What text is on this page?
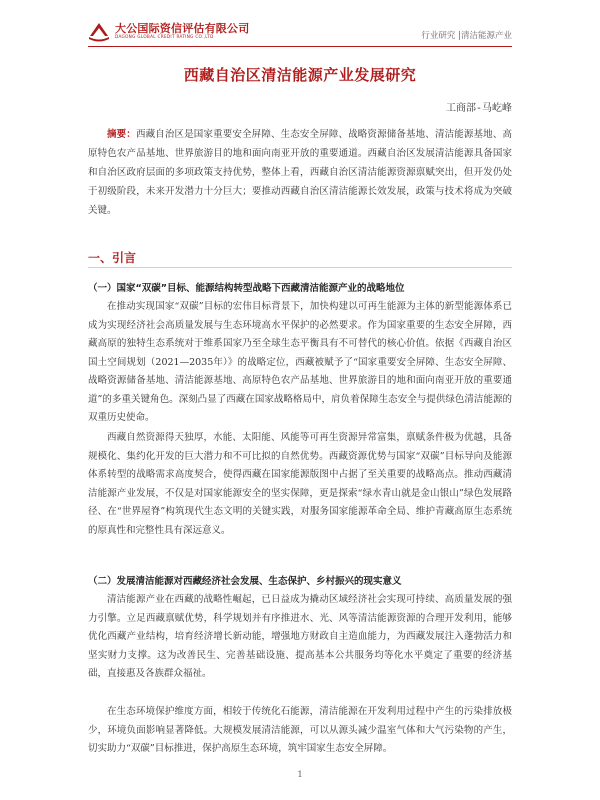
大公国际资信评估有限公司
DAGONG GLOBAL CREDIT RATING CO.,LTD	行业研究 |清洁能源产业
西藏自治区清洁能源产业发展研究
工商部-马屹峰
摘要：西藏自治区是国家重要安全屏障、生态安全屏障、战略资源储备基地、清洁能源基地、高原特色农产品基地、世界旅游目的地和面向南亚开放的重要通道。西藏自治区发展清洁能源具备国家和自治区政府层面的多项政策支持优势，整体上看，西藏自治区清洁能源资源禀赋突出，但开发仍处于初级阶段，未来开发潜力十分巨大；要推动西藏自治区清洁能源长效发展，政策与技术将成为突破关键。
一、引言
（一）国家“双碳”目标、能源结构转型战略下西藏清洁能源产业的战略地位
在推动实现国家“双碳”目标的宏伟目标背景下，加快构建以可再生能源为主体的新型能源体系已成为实现经济社会高质量发展与生态环境高水平保护的必然要求。作为国家重要的生态安全屏障，西藏高原的独特生态系统对于维系国家乃至全球生态平衡具有不可替代的核心价值。依据《西藏自治区国土空间规划（2021—2035年）》的战略定位，西藏被赋予了“国家重要安全屏障、生态安全屏障、战略资源储备基地、清洁能源基地、高原特色农产品基地、世界旅游目的地和面向南亚开放的重要通道”的多重关键角色。深刻凸显了西藏在国家战略格局中，肩负着保障生态安全与提供绿色清洁能源的双重历史使命。
西藏自然资源得天独厚，水能、太阳能、风能等可再生资源异常富集，禀赋条件极为优越，具备规模化、集约化开发的巨大潜力和不可比拟的自然优势。西藏资源优势与国家“双碳”目标导向及能源体系转型的战略需求高度契合，使得西藏在国家能源版图中占据了至关重要的战略高点。推动西藏清洁能源产业发展，不仅是对国家能源安全的坚实保障，更是探索“绿水青山就是金山银山”绿色发展路径、在“世界屋脊”构筑现代生态文明的关键实践，对服务国家能源革命全局、维护青藏高原生态系统的原真性和完整性具有深远意义。
（二）发展清洁能源对西藏经济社会发展、生态保护、乡村振兴的现实意义
清洁能源产业在西藏的战略性崛起，已日益成为撬动区域经济社会实现可持续、高质量发展的强力引擎。立足西藏禀赋优势，科学规划并有序推进水、光、风等清洁能源资源的合理开发利用，能够优化西藏产业结构，培育经济增长新动能，增强地方财政自主造血能力，为西藏发展注入蓬勃活力和坚实财力支撑。这为改善民生、完善基础设施、提高基本公共服务均等化水平奠定了重要的经济基础，直接惠及各族群众福祉。
在生态环境保护维度方面，相较于传统化石能源，清洁能源在开发利用过程中产生的污染排放极少，环境负面影响显著降低。大规模发展清洁能源，可以从源头减少温室气体和大气污染物的产生，切实助力“双碳”目标推进，保护高原生态环境，筑牢国家生态安全屏障。
1
